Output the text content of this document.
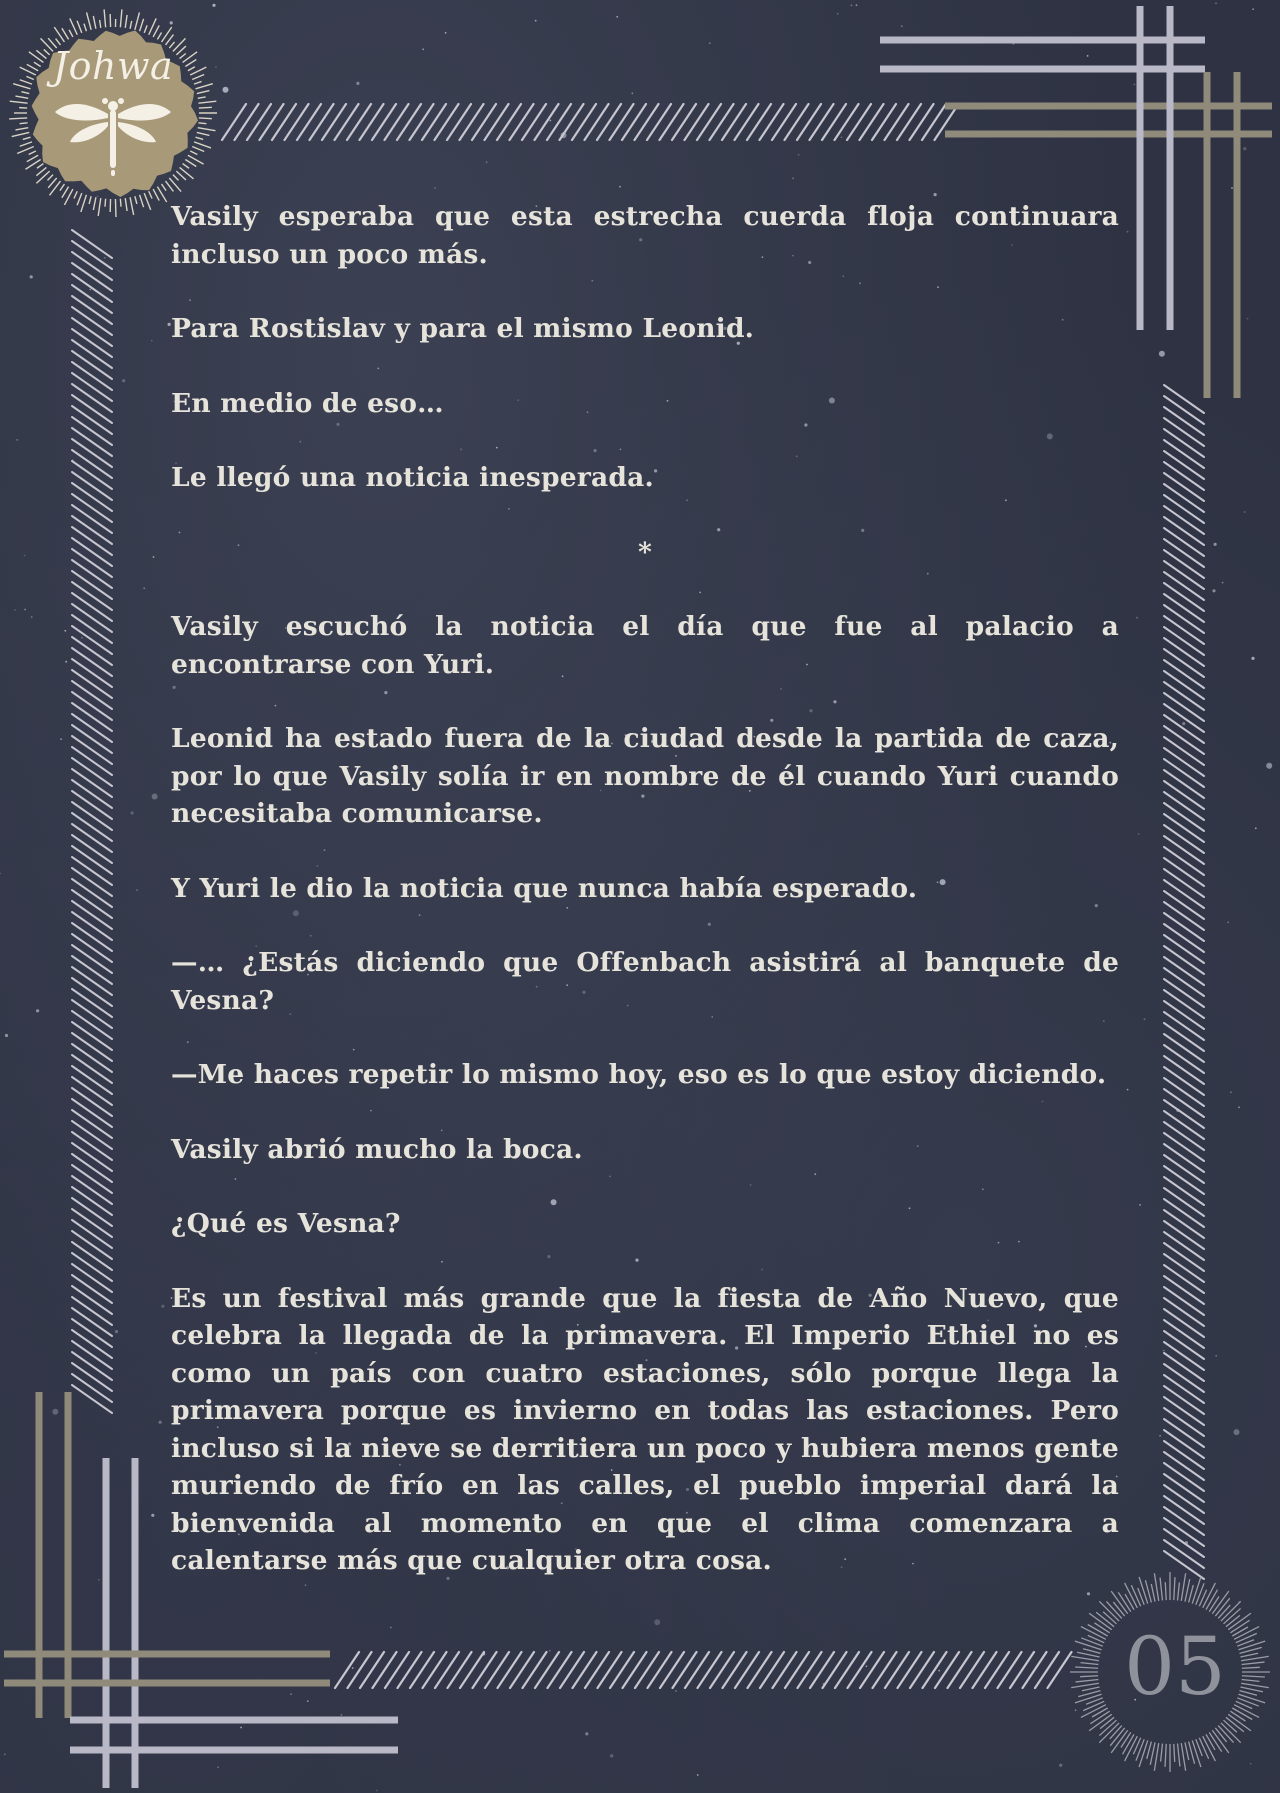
Johwa

Vasily esperaba que esta estrecha cuerda floja continuara incluso un poco más.

Para Rostislav y para el mismo Leonid.

En medio de eso…

Le llegó una noticia inesperada.

*

Vasily escuchó la noticia el día que fue al palacio a encontrarse con Yuri.

Leonid ha estado fuera de la ciudad desde la partida de caza, por lo que Vasily solía ir en nombre de él cuando Yuri cuando necesitaba comunicarse.

Y Yuri le dio la noticia que nunca había esperado.

—… ¿Estás diciendo que Offenbach asistirá al banquete de Vesna?

—Me haces repetir lo mismo hoy, eso es lo que estoy diciendo.

Vasily abrió mucho la boca.

¿Qué es Vesna?

Es un festival más grande que la fiesta de Año Nuevo, que celebra la llegada de la primavera. El Imperio Ethiel no es como un país con cuatro estaciones, sólo porque llega la primavera porque es invierno en todas las estaciones. Pero incluso si la nieve se derritiera un poco y hubiera menos gente muriendo de frío en las calles, el pueblo imperial dará la bienvenida al momento en que el clima comenzara a calentarse más que cualquier otra cosa.

05
